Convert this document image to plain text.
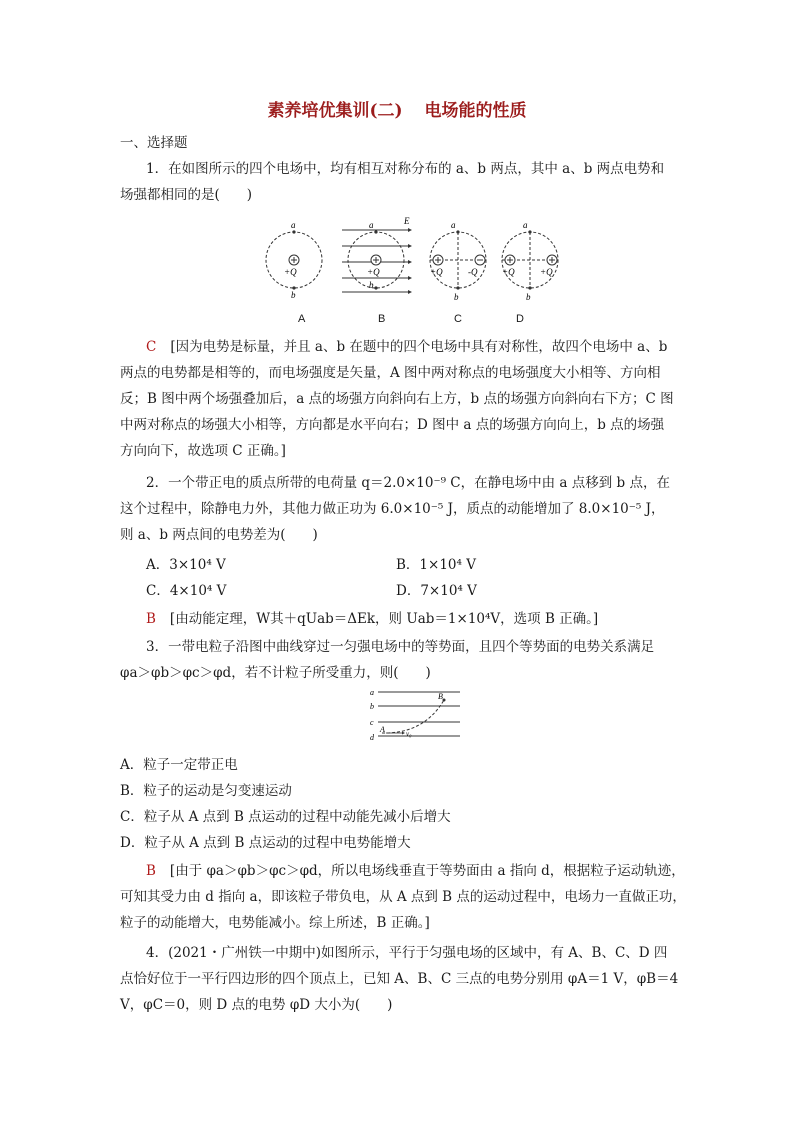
素养培优集训(二) 电场能的性质
一、选择题
1．在如图所示的四个电场中，均有相互对称分布的 a、b 两点，其中 a、b 两点电势和
场强都相同的是(　　)
a
+Q
b
a	E
+Q
b
a
+Q	-Q
b
a
+Q	+Q
b
A	B	C	D
C [因为电势是标量，并且 a、b 在题中的四个电场中具有对称性，故四个电场中 a、b
两点的电势都是相等的，而电场强度是矢量，A 图中两对称点的电场强度大小相等、方向相
反；B 图中两个场强叠加后，a 点的场强方向斜向右上方，b 点的场强方向斜向右下方；C 图
中两对称点的场强大小相等，方向都是水平向右；D 图中 a 点的场强方向向上，b 点的场强
方向向下，故选项 C 正确。]
2．一个带正电的质点所带的电荷量 q＝2.0×10⁻⁹ C，在静电场中由 a 点移到 b 点，在
这个过程中，除静电力外，其他力做正功为 6.0×10⁻⁵ J，质点的动能增加了 8.0×10⁻⁵ J，
则 a、b 两点间的电势差为(　　)
A．3×10⁴ V	B．1×10⁴ V
C．4×10⁴ V	D．7×10⁴ V
B [由动能定理，W其＋qUab＝ΔEk，则 Uab＝1×10⁴V，选项 B 正确。]
3．一带电粒子沿图中曲线穿过一匀强电场中的等势面，且四个等势面的电势关系满足
φa＞φb＞φc＞φd，若不计粒子所受重力，则(　　)
a
b
c
d
A
B
v₀
A．粒子一定带正电
B．粒子的运动是匀变速运动
C．粒子从 A 点到 B 点运动的过程中动能先减小后增大
D．粒子从 A 点到 B 点运动的过程中电势能增大
B [由于 φa＞φb＞φc＞φd，所以电场线垂直于等势面由 a 指向 d，根据粒子运动轨迹，
可知其受力由 d 指向 a，即该粒子带负电，从 A 点到 B 点的运动过程中，电场力一直做正功，
粒子的动能增大，电势能减小。综上所述，B 正确。]
4．(2021・广州铁一中期中)如图所示，平行于匀强电场的区域中，有 A、B、C、D 四
点恰好位于一平行四边形的四个顶点上，已知 A、B、C 三点的电势分别用 φA＝1 V，φB＝4
V，φC＝0，则 D 点的电势 φD 大小为(　　)
